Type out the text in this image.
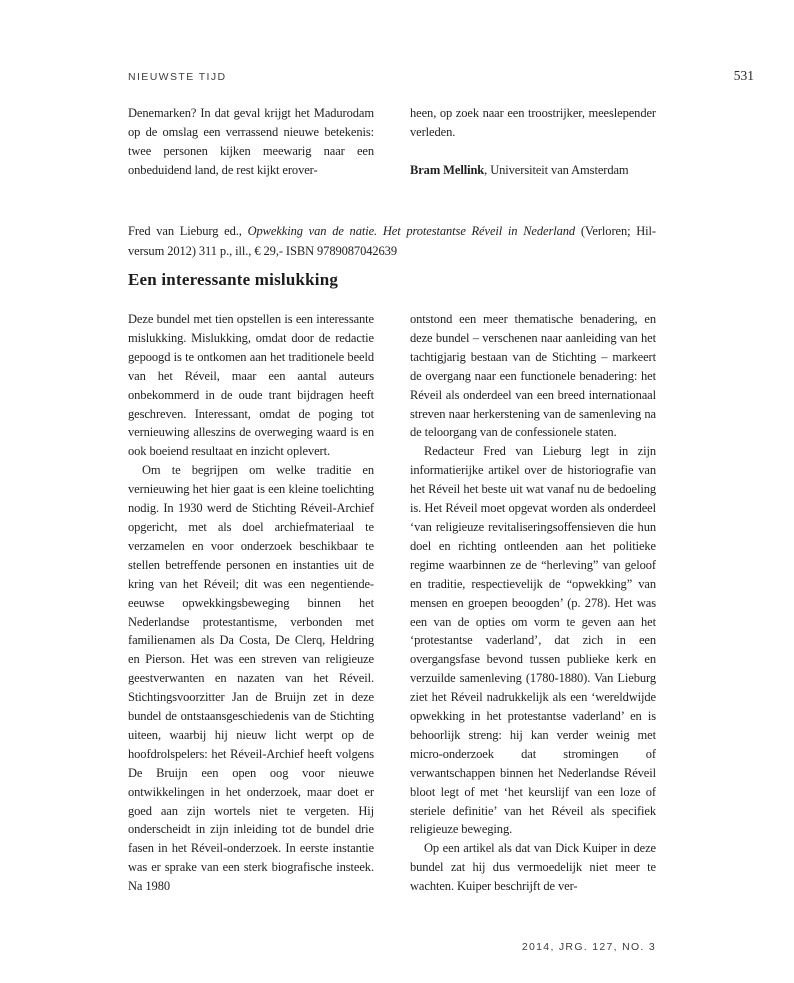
NIEUWSTE TIJD	531

Denemarken? In dat geval krijgt het Madurodam op de omslag een verrassend nieuwe betekenis: twee personen kijken meewarig naar een onbeduidend land, de rest kijkt erover-

heen, op zoek naar een troostrijker, meeslepender verleden.

Bram Mellink, Universiteit van Amsterdam

Fred van Lieburg ed., Opwekking van de natie. Het protestantse Réveil in Nederland (Verloren; Hil-
versum 2012) 311 p., ill., € 29,- ISBN 9789087042639
Een interessante mislukking

Deze bundel met tien opstellen is een interessante mislukking. Mislukking, omdat door de redactie gepoogd is te ontkomen aan het traditionele beeld van het Réveil, maar een aantal auteurs onbekommerd in de oude trant bijdragen heeft geschreven. Interessant, omdat de poging tot vernieuwing alleszins de overweging waard is en ook boeiend resultaat en inzicht oplevert.

Om te begrijpen om welke traditie en vernieuwing het hier gaat is een kleine toelichting nodig. In 1930 werd de Stichting Réveil-Archief opgericht, met als doel archiefmateriaal te verzamelen en voor onderzoek beschikbaar te stellen betreffende personen en instanties uit de kring van het Réveil; dit was een negentiende-eeuwse opwekkingsbeweging binnen het Nederlandse protestantisme, verbonden met familienamen als Da Costa, De Clerq, Heldring en Pierson. Het was een streven van religieuze geestverwanten en nazaten van het Réveil. Stichtingsvoorzitter Jan de Bruijn zet in deze bundel de ontstaansgeschiedenis van de Stichting uiteen, waarbij hij nieuw licht werpt op de hoofdrolspelers: het Réveil-Archief heeft volgens De Bruijn een open oog voor nieuwe ontwikkelingen in het onderzoek, maar doet er goed aan zijn wortels niet te vergeten. Hij onderscheidt in zijn inleiding tot de bundel drie fasen in het Réveil-onderzoek. In eerste instantie was er sprake van een sterk biografische insteek. Na 1980

ontstond een meer thematische benadering, en deze bundel – verschenen naar aanleiding van het tachtigjarig bestaan van de Stichting – markeert de overgang naar een functionele benadering: het Réveil als onderdeel van een breed internationaal streven naar herkerstening van de samenleving na de teloorgang van de confessionele staten.

Redacteur Fred van Lieburg legt in zijn informatierijke artikel over de historiografie van het Réveil het beste uit wat vanaf nu de bedoeling is. Het Réveil moet opgevat worden als onderdeel ‘van religieuze revitaliseringsoffensieven die hun doel en richting ontleenden aan het politieke regime waarbinnen ze de “herleving” van geloof en traditie, respectievelijk de “opwekking” van mensen en groepen beoogden’ (p. 278). Het was een van de opties om vorm te geven aan het ‘protestantse vaderland’, dat zich in een overgangsfase bevond tussen publieke kerk en verzuilde samenleving (1780-1880). Van Lieburg ziet het Réveil nadrukkelijk als een ‘wereldwijde opwekking in het protestantse vaderland’ en is behoorlijk streng: hij kan verder weinig met micro-onderzoek dat stromingen of verwantschappen binnen het Nederlandse Réveil bloot legt of met ‘het keurslijf van een loze of steriele definitie’ van het Réveil als specifiek religieuze beweging.

Op een artikel als dat van Dick Kuiper in deze bundel zat hij dus vermoedelijk niet meer te wachten. Kuiper beschrijft de ver-

2014, JRG. 127, NO. 3
